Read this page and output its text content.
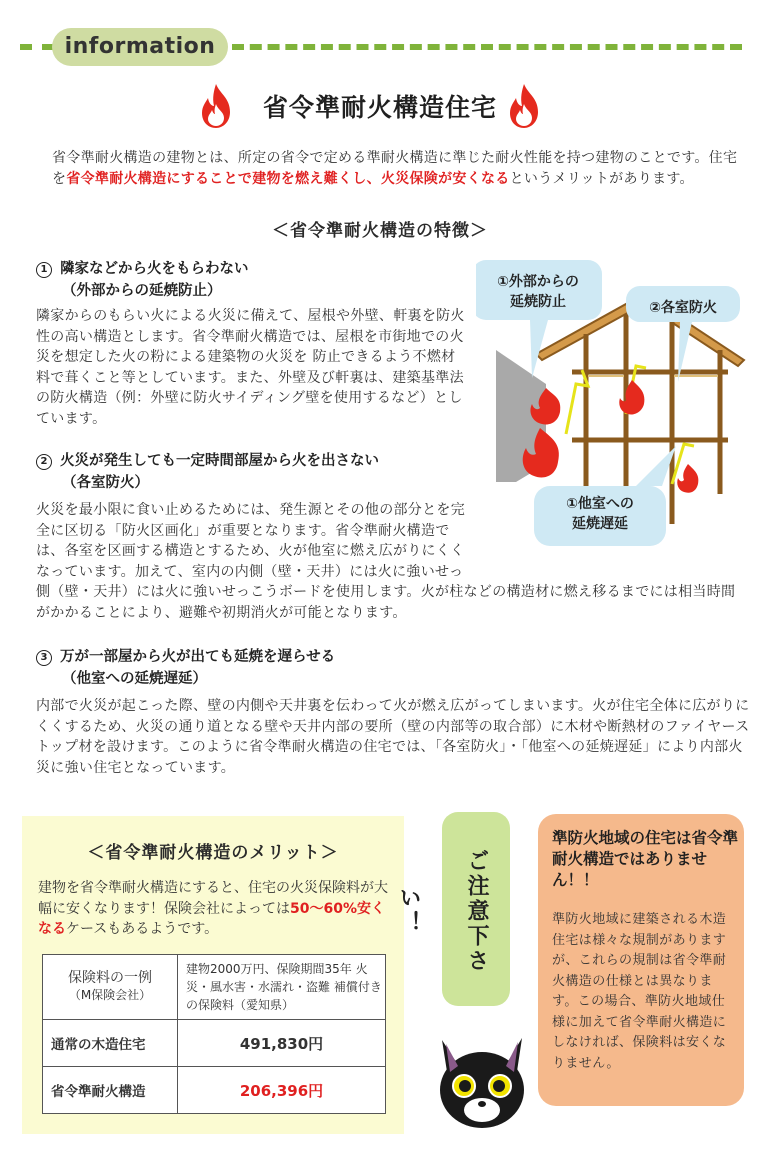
information
省令準耐火構造住宅
省令準耐火構造の建物とは、所定の省令で定める準耐火構造に準じた耐火性能を持つ建物のことです。住宅を省令準耐火構造にすることで建物を燃え難くし、火災保険が安くなるというメリットがあります。
＜省令準耐火構造の特徴＞
1 隣家などから火をもらわない
（外部からの延焼防止）
隣家からのもらい火による火災に備えて、屋根や外壁、軒裏を防火性の高い構造とします。省令準耐火構造では、屋根を市街地での火災を想定した火の粉による建築物の火災を 防止できるよう不燃材料で葺くこと等としています。また、外壁及び軒裏は、建築基準法 の防火構造（例：外壁に防火サイディング壁を使用するなど）としています。
2 火災が発生しても一定時間部屋から火を出さない
（各室防火）
火災を最小限に食い止めるためには、発生源とその他の部分とを完全に区切る「防火区画化」が重要となります。省令準耐火構造では、各室を区画する構造とするため、火が他室に燃え広がりにくくなっています。加えて、室内の内側（壁・天井）には火に強いせっ
側（壁・天井）には火に強いせっこうボードを使用します。火が柱などの構造材に燃え移るまでには相当時間がかかることにより、避難や初期消火が可能となります。
3 万が一部屋から火が出ても延焼を遅らせる
（他室への延焼遅延）
内部で火災が起こった際、壁の内側や天井裏を伝わって火が燃え広がってしまいます。火が住宅全体に広がりにくくするため、火災の通り道となる壁や天井内部の要所（壁の内部等の取合部）に木材や断熱材のファイヤーストップ材を設けます。このように省令準耐火構造の住宅では、「各室防火」・「他室への延焼遅延」により内部火災に強い住宅となっています。
①外部からの
延焼防止	②各室防火
①他室への
延焼遅延
＜省令準耐火構造のメリット＞
建物を省令準耐火構造にすると、住宅の火災保険料が大幅に安くなります！保険会社によっては50～60%安くなるケースもあるようです。
保険料の一例
（M保険会社）	建物2000万円、保険期間35年 火災・風水害・水濡れ・盗難 補償付きの保険料（愛知県）
通常の木造住宅	491,830円
省令準耐火構造	206,396円
ご注意下さい！
準防火地域の住宅は省令準耐火構造ではありません！！
準防火地域に建築される木造住宅は様々な規制がありますが、これらの規制は省令準耐火構造の仕様とは異なります。この場合、準防火地域仕様に加えて省令準耐火構造にしなければ、保険料は安くなりません。
